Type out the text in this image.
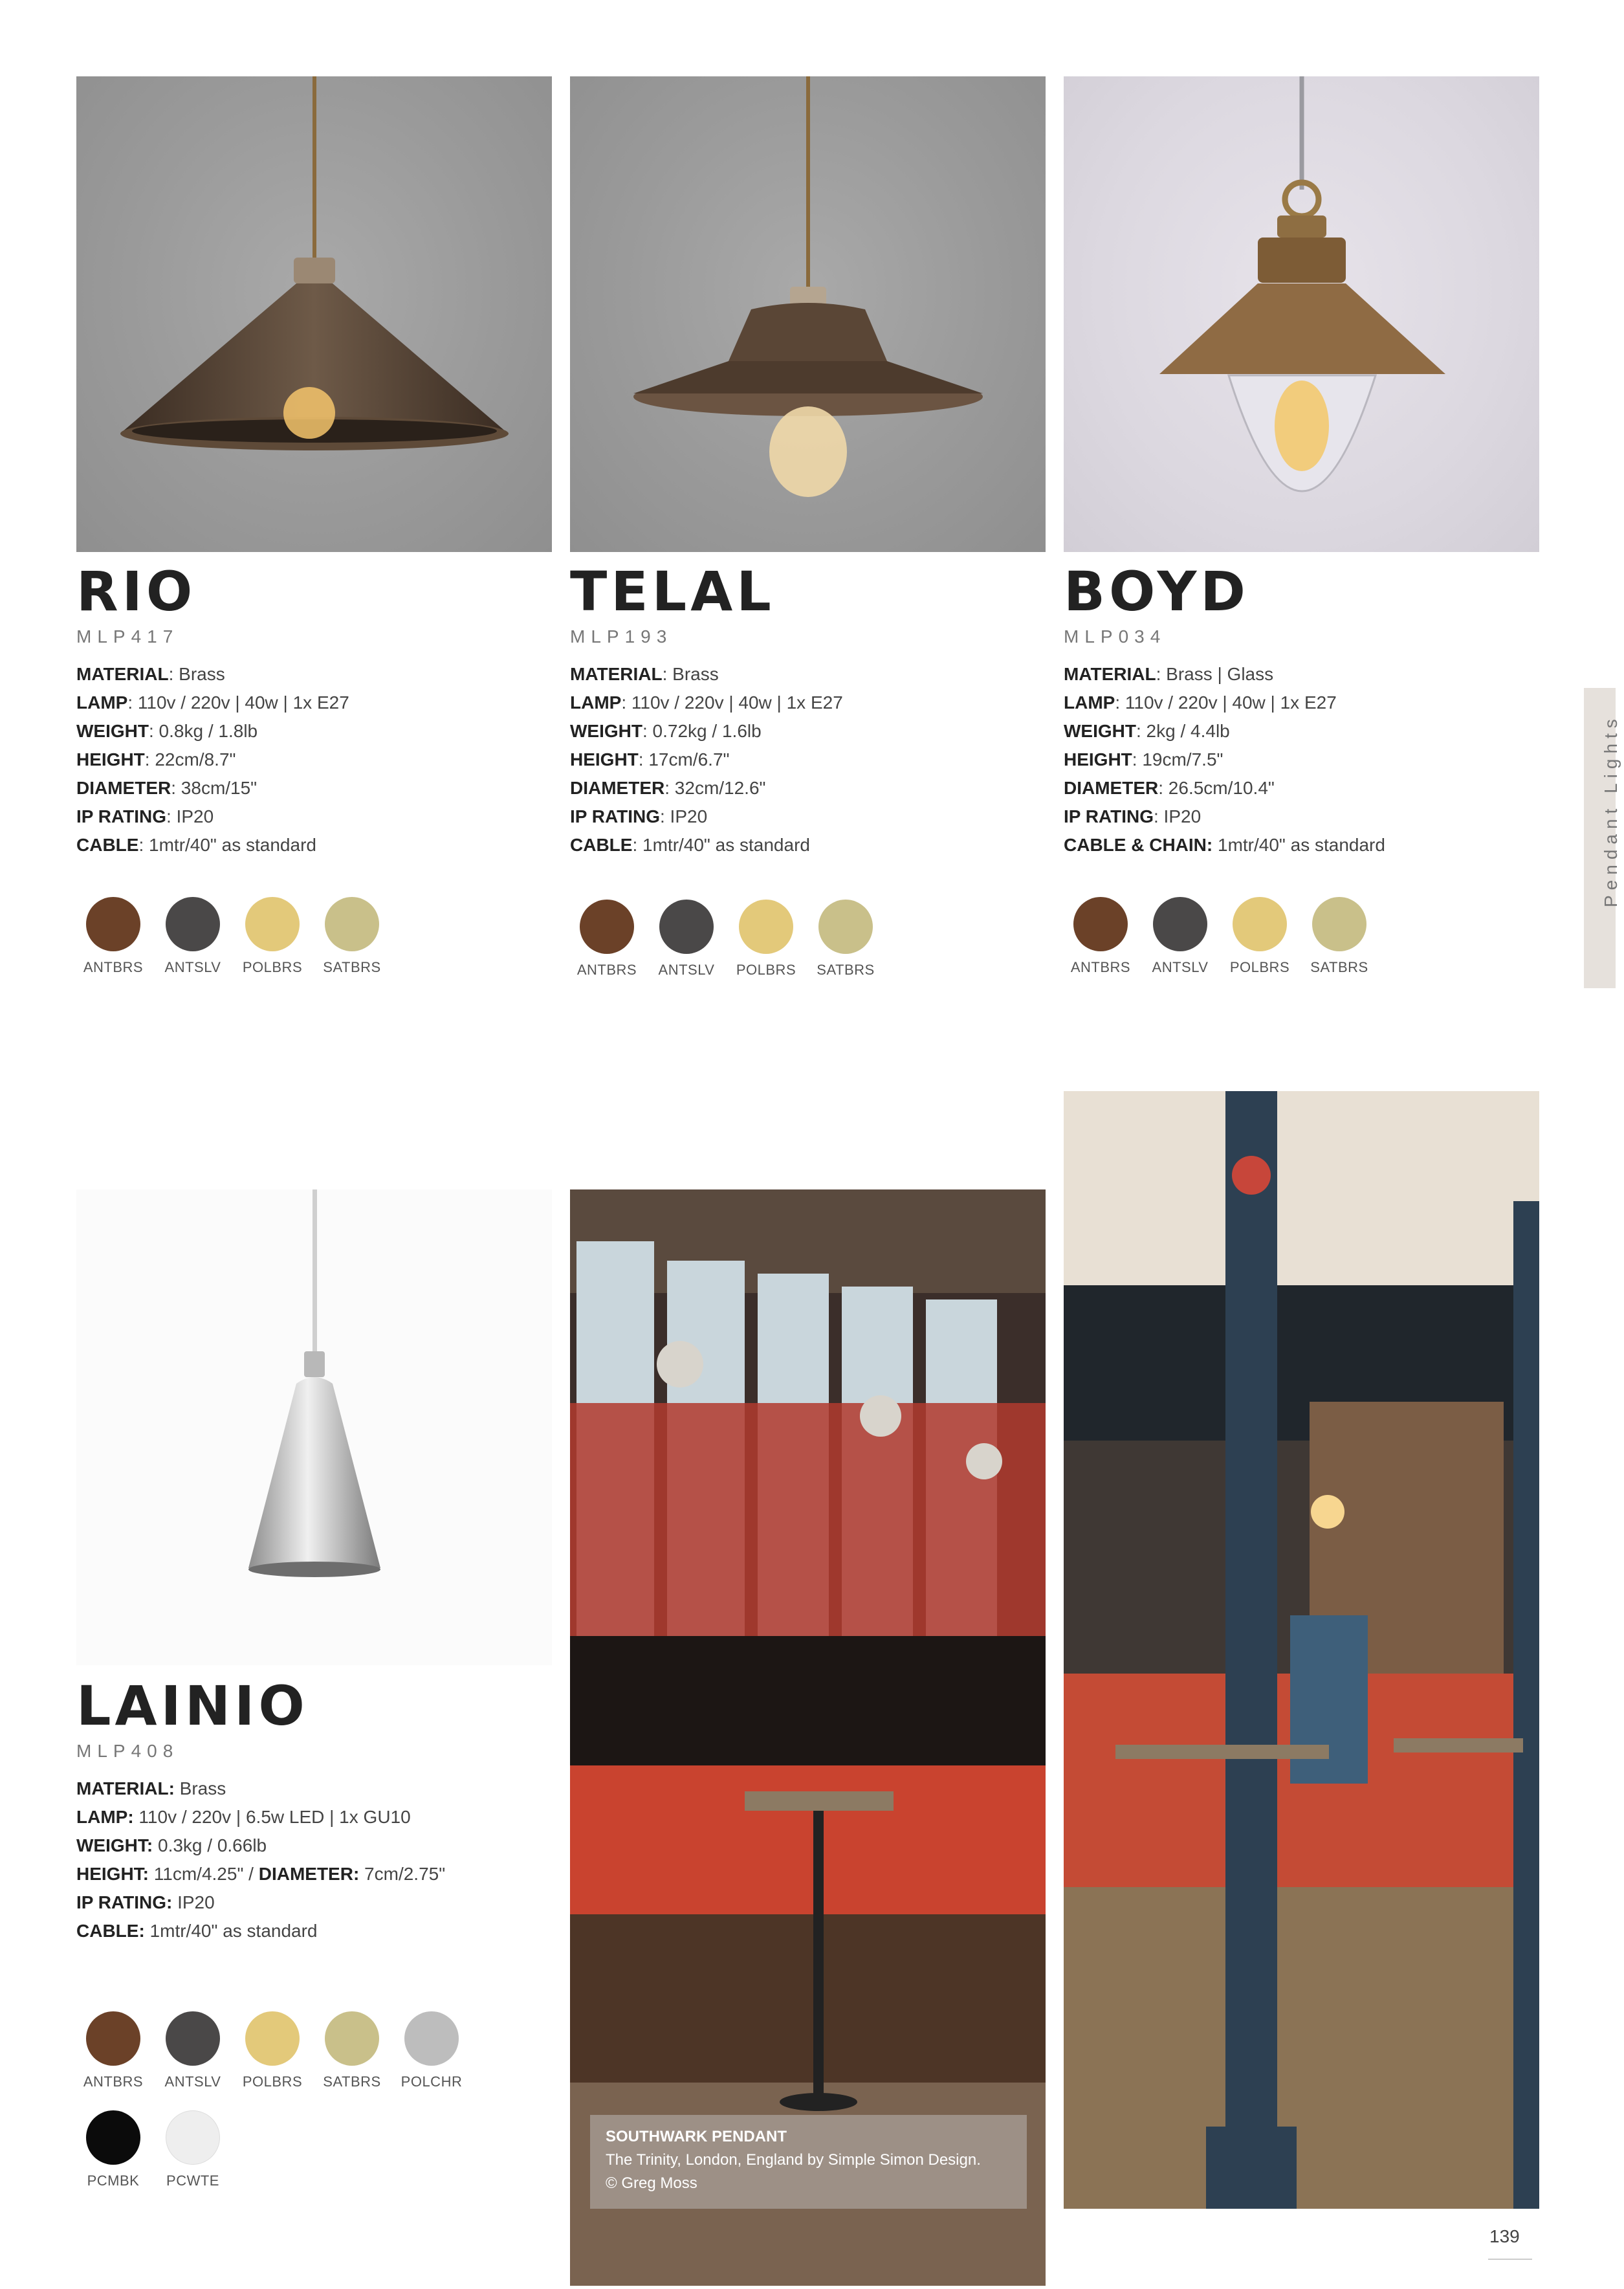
RIO

MLP417

MATERIAL: Brass
LAMP: 110v / 220v | 40w | 1x E27
WEIGHT: 0.8kg / 1.8lb
HEIGHT: 22cm/8.7"
DIAMETER: 38cm/15"
IP RATING: IP20
CABLE: 1mtr/40" as standard
TELAL

MLP193

MATERIAL: Brass
LAMP: 110v / 220v | 40w | 1x E27
WEIGHT: 0.72kg / 1.6lb
HEIGHT: 17cm/6.7"
DIAMETER: 32cm/12.6"
IP RATING: IP20
CABLE: 1mtr/40" as standard
BOYD

MLP034

MATERIAL: Brass | Glass
LAMP: 110v / 220v | 40w | 1x E27
WEIGHT: 2kg / 4.4lb
HEIGHT: 19cm/7.5"
DIAMETER: 26.5cm/10.4"
IP RATING: IP20
CABLE & CHAIN: 1mtr/40" as standard
LAINIO

MLP408

MATERIAL: Brass
LAMP: 110v / 220v | 6.5w LED | 1x GU10
WEIGHT: 0.3kg / 0.66lb
HEIGHT: 11cm/4.25" / DIAMETER: 7cm/2.75"
IP RATING: IP20
CABLE: 1mtr/40" as standard
ANTBRS	ANTSLV	POLBRS	SATBRS	ANTBRS	ANTSLV	POLBRS	SATBRS	ANTBRS	ANTSLV	POLBRS	SATBRS
ANTBRS	ANTSLV	POLBRS	SATBRS	POLCHR
PCMBK	PCWTE
Pendant Lights
SOUTHWARK PENDANT
The Trinity, London, England by Simple Simon Design.
© Greg Moss
139
